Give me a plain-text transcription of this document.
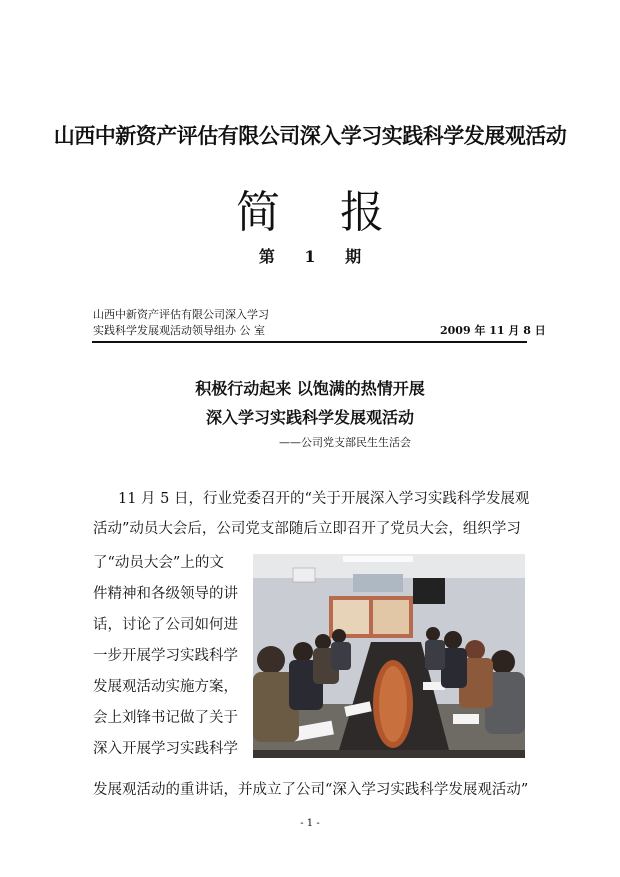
山西中新资产评估有限公司深入学习实践科学发展观活动
简报
第 1 期
山西中新资产评估有限公司深入学习
实践科学发展观活动领导组办 公 室	2009 年 11 月 8 日
积极行动起来 以饱满的热情开展
深入学习实践科学发展观活动
——公司党支部民生生活会
11 月 5 日，行业党委召开的“关于开展深入学习实践科学发展观
活动”动员大会后，公司党支部随后立即召开了党员大会，组织学习
了“动员大会”上的文
件精神和各级领导的讲
话，讨论了公司如何进
一步开展学习实践科学
发展观活动实施方案，
会上刘锋书记做了关于
深入开展学习实践科学
发展观活动的重讲话，并成立了公司“深入学习实践科学发展观活动”
- 1 -
